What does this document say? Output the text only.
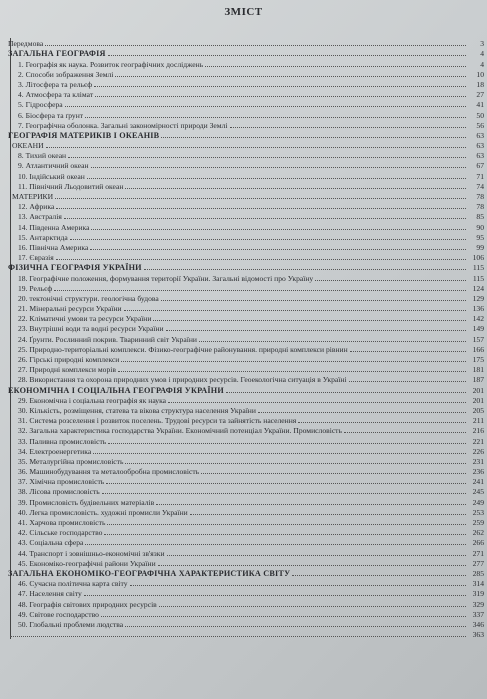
ЗМІСТ
Передмова	3
ЗАГАЛЬНА ГЕОГРАФІЯ	4
1. Географія як наука. Розвиток географічних досліджень	4
2. Способи зображення Землі	10
3. Літосфера та рельєф	18
4. Атмосфера та клімат	27
5. Гідросфера	41
6. Біосфера та ґрунт	50
7. Географічна оболонка. Загальні закономірності природи Землі	56
ГЕОГРАФІЯ МАТЕРИКІВ І ОКЕАНІВ	63
ОКЕАНИ	63
8. Тихий океан	63
9. Атлантичний океан	67
10. Індійський океан	71
11. Північний Льодовитий океан	74
МАТЕРИКИ	78
12. Африка	78
13. Австралія	85
14. Південна Америка	90
15. Антарктида	95
16. Північна Америка	99
17. Євразія	106
ФІЗИЧНА ГЕОГРАФІЯ УКРАЇНИ	115
18. Географічне положення, формування території України. Загальні відомості про Україну	115
19. Рельєф	124
20. тектонічні структури. геологічна будова	129
21. Мінеральні ресурси України	136
22. Кліматичні умови та ресурси України	142
23. Внутрішні води та водні ресурси України	149
24. Ґрунти. Рослинний покрив. Тваринний світ України	157
25. Природно-територіальні комплекси. Фізико-географічне районування. природні комплекси рівнин	166
26. Гірські природні комплекси	175
27. Природні комплекси морів	181
28. Використання та охорона природних умов і природних ресурсів. Геоекологічна ситуація в Україні	187
ЕКОНОМІЧНА І СОЦІАЛЬНА ГЕОГРАФІЯ УКРАЇНИ	201
29. Економічна і соціальна географія як наука	201
30. Кількість, розміщення, статева та вікова структура населення України	205
31. Система розселення і розвиток поселень. Трудові ресурси та зайнятість населення	211
32. Загальна характеристика господарства України. Економічний потенціал України. Промисловість	216
33. Паливна промисловість	221
34. Електроенергетика	226
35. Металургійна промисловість	231
36. Машинобудування та металообробна промисловість	236
37. Хімічна промисловість	241
38. Лісова промисловість	245
39. Промисловість будівельних матеріалів	249
40. Легка промисловість. художні промисли України	253
41. Харчова промисловість	259
42. Сільське господарство	262
43. Соціальна сфера	266
44. Транспорт і зовнішньо-економічні зв'язки	271
45. Економіко-географічні райони України	277
ЗАГАЛЬНА ЕКОНОМІКО-ГЕОГРАФІЧНА ХАРАКТЕРИСТИКА СВІТУ	285
46. Сучасна політична карта світу	314
47. Населення світу	319
48. Географія світових природних ресурсів	329
49. Світове господарство	337
50. Глобальні проблеми людства	346
363
